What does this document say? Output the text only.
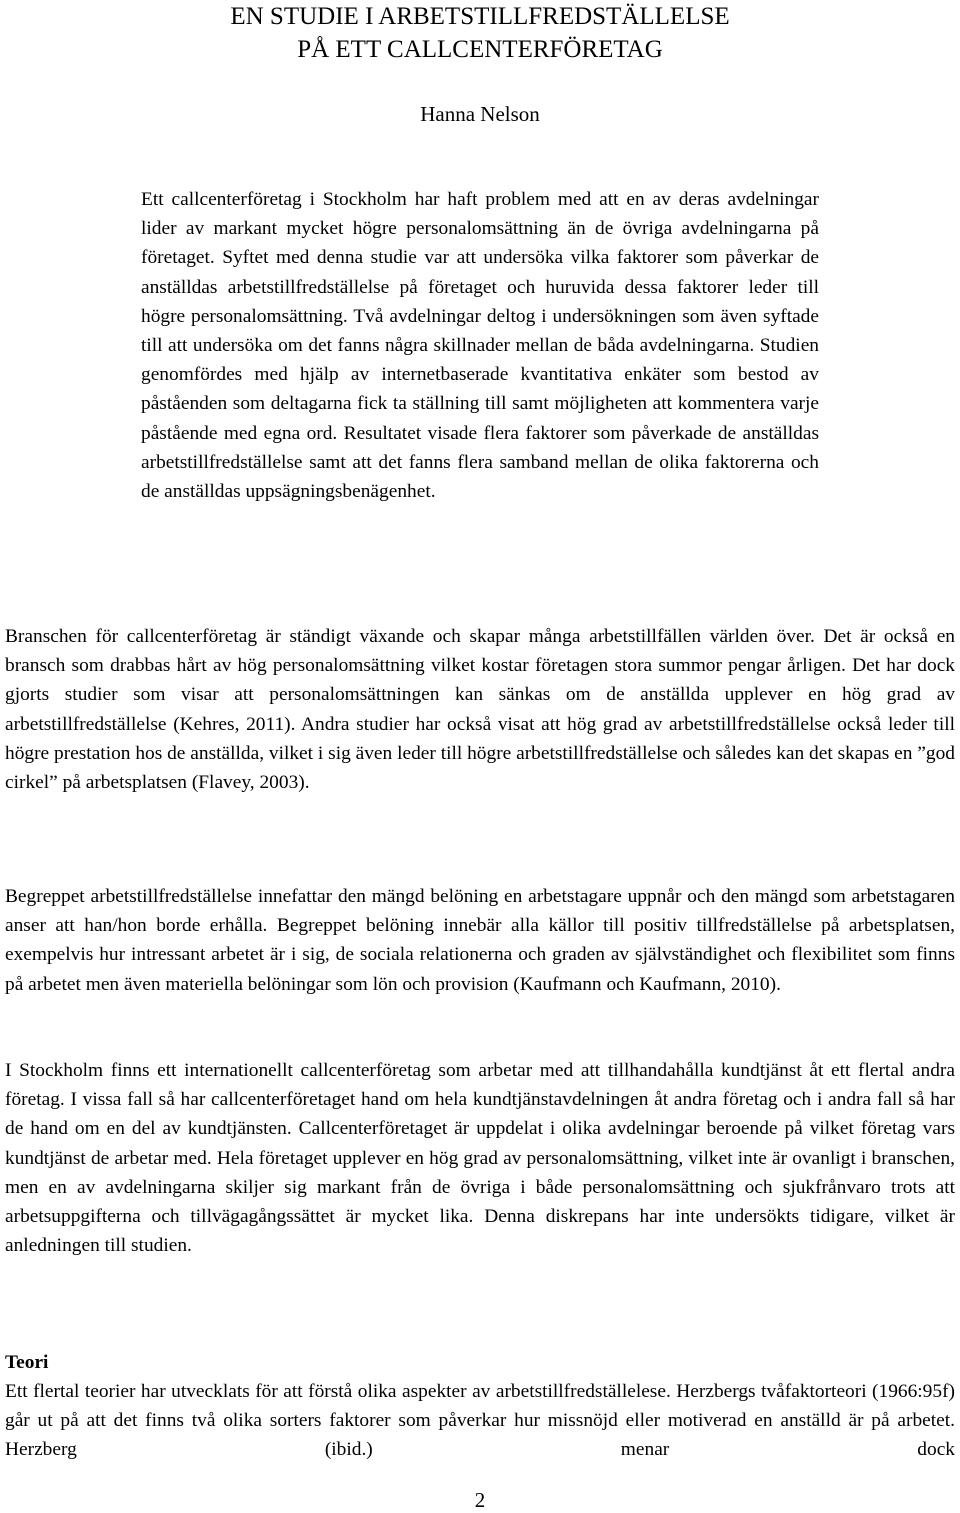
EN STUDIE I ARBETSTILLFREDSTÄLLELSE
PÅ ETT CALLCENTERFÖRETAG

Hanna Nelson

Ett callcenterföretag i Stockholm har haft problem med att en av deras avdelningar lider av markant mycket högre personalomsättning än de övriga avdelningarna på företaget. Syftet med denna studie var att undersöka vilka faktorer som påverkar de anställdas arbetstillfredställelse på företaget och huruvida dessa faktorer leder till högre personalomsättning. Två avdelningar deltog i undersökningen som även syftade till att undersöka om det fanns några skillnader mellan de båda avdelningarna. Studien genomfördes med hjälp av internetbaserade kvantitativa enkäter som bestod av påståenden som deltagarna fick ta ställning till samt möjligheten att kommentera varje påstående med egna ord. Resultatet visade flera faktorer som påverkade de anställdas arbetstillfredställelse samt att det fanns flera samband mellan de olika faktorerna och de anställdas uppsägningsbenägenhet.

Branschen för callcenterföretag är ständigt växande och skapar många arbetstillfällen världen över. Det är också en bransch som drabbas hårt av hög personalomsättning vilket kostar företagen stora summor pengar årligen. Det har dock gjorts studier som visar att personalomsättningen kan sänkas om de anställda upplever en hög grad av arbetstillfredställelse (Kehres, 2011). Andra studier har också visat att hög grad av arbetstillfredställelse också leder till högre prestation hos de anställda, vilket i sig även leder till högre arbetstillfredställelse och således kan det skapas en ”god cirkel” på arbetsplatsen (Flavey, 2003).

Begreppet arbetstillfredställelse innefattar den mängd belöning en arbetstagare uppnår och den mängd som arbetstagaren anser att han/hon borde erhålla. Begreppet belöning innebär alla källor till positiv tillfredställelse på arbetsplatsen, exempelvis hur intressant arbetet är i sig, de sociala relationerna och graden av självständighet och flexibilitet som finns på arbetet men även materiella belöningar som lön och provision (Kaufmann och Kaufmann, 2010).

I Stockholm finns ett internationellt callcenterföretag som arbetar med att tillhandahålla kundtjänst åt ett flertal andra företag. I vissa fall så har callcenterföretaget hand om hela kundtjänstavdelningen åt andra företag och i andra fall så har de hand om en del av kundtjänsten. Callcenterföretaget är uppdelat i olika avdelningar beroende på vilket företag vars kundtjänst de arbetar med. Hela företaget upplever en hög grad av personalomsättning, vilket inte är ovanligt i branschen, men en av avdelningarna skiljer sig markant från de övriga i både personalomsättning och sjukfrånvaro trots att arbetsuppgifterna och tillvägagångssättet är mycket lika. Denna diskrepans har inte undersökts tidigare, vilket är anledningen till studien.

Teori

Ett flertal teorier har utvecklats för att förstå olika aspekter av arbetstillfredställelese. Herzbergs tvåfaktorteori (1966:95f) går ut på att det finns två olika sorters faktorer som påverkar hur missnöjd eller motiverad en anställd är på arbetet. Herzberg (ibid.) menar dock

2
